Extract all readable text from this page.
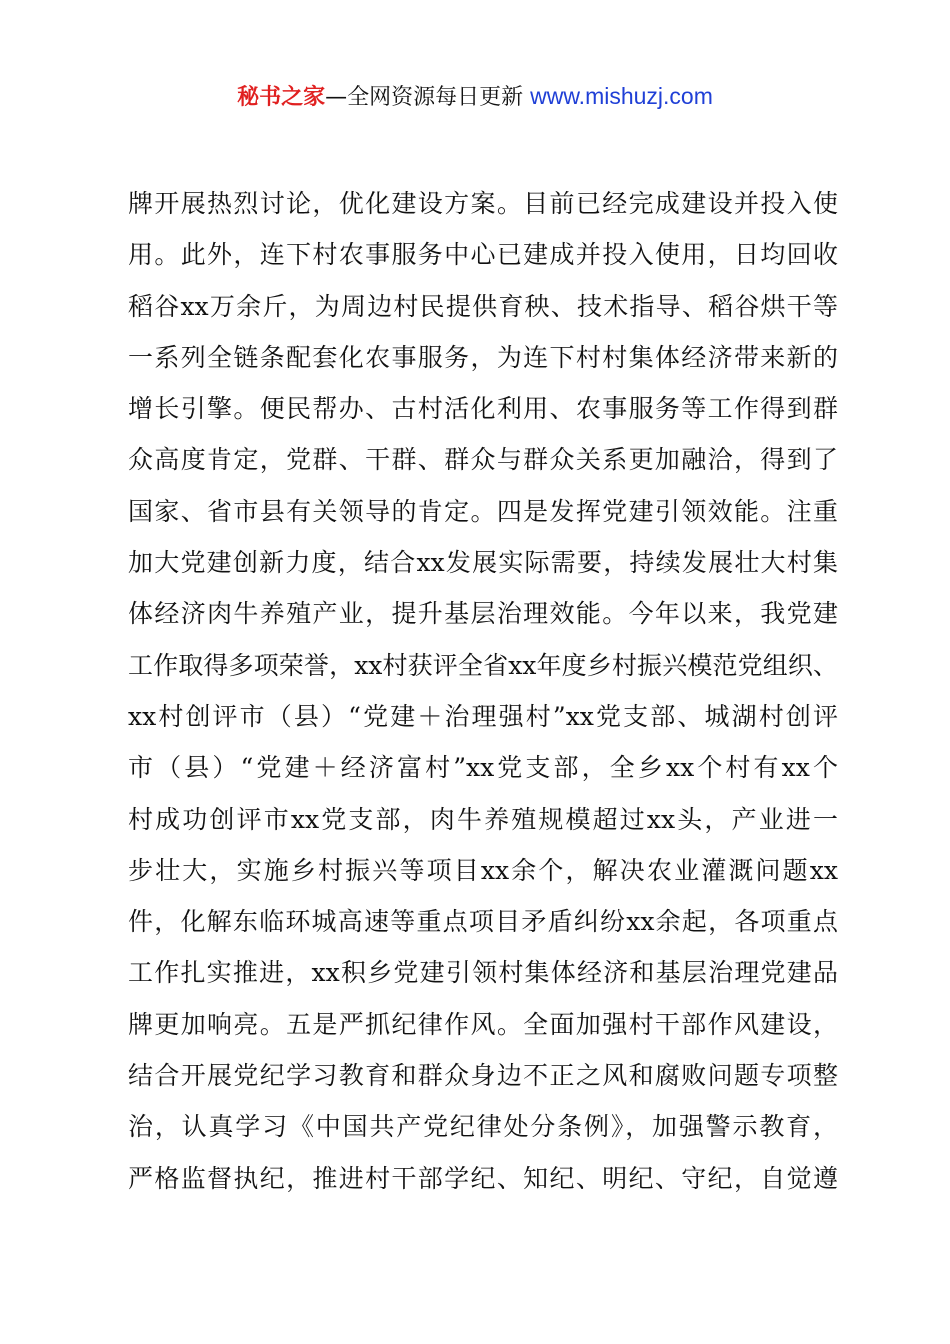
秘书之家—全网资源每日更新 www.mishuzj.com
牌开展热烈讨论，优化建设方案。目前已经完成建设并投入使
用。此外，连下村农事服务中心已建成并投入使用，日均回收
稻谷xx万余斤，为周边村民提供育秧、技术指导、稻谷烘干等
一系列全链条配套化农事服务，为连下村村集体经济带来新的
增长引擎。便民帮办、古村活化利用、农事服务等工作得到群
众高度肯定，党群、干群、群众与群众关系更加融洽，得到了
国家、省市县有关领导的肯定。四是发挥党建引领效能。注重
加大党建创新力度，结合xx发展实际需要，持续发展壮大村集
体经济肉牛养殖产业，提升基层治理效能。今年以来，我党建
工作取得多项荣誉，xx村获评全省xx年度乡村振兴模范党组织、
xx村创评市（县）“党建＋治理强村”xx党支部、城湖村创评
市（县）“党建＋经济富村”xx党支部，全乡xx个村有xx个
村成功创评市xx党支部，肉牛养殖规模超过xx头，产业进一
步壮大，实施乡村振兴等项目xx余个，解决农业灌溉问题xx
件，化解东临环城高速等重点项目矛盾纠纷xx余起，各项重点
工作扎实推进，xx积乡党建引领村集体经济和基层治理党建品
牌更加响亮。五是严抓纪律作风。全面加强村干部作风建设，
结合开展党纪学习教育和群众身边不正之风和腐败问题专项整
治，认真学习《中国共产党纪律处分条例》，加强警示教育，
严格监督执纪，推进村干部学纪、知纪、明纪、守纪，自觉遵
